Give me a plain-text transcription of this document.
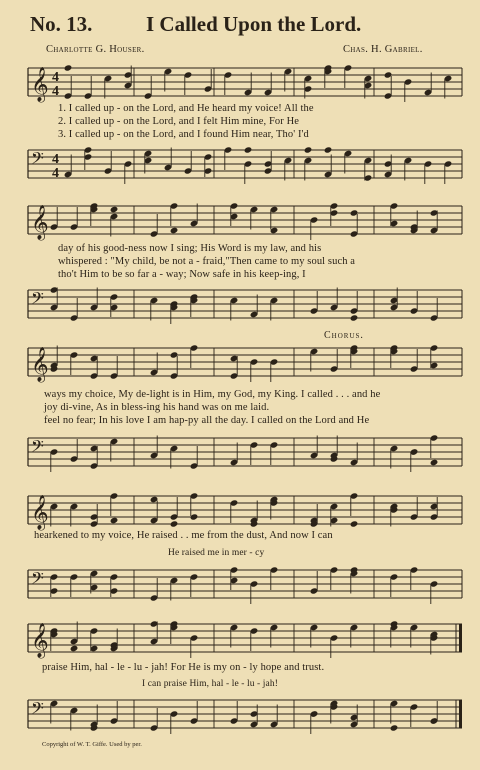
No. 13.	I Called Upon the Lord.
Charlotte G. Houser.	Chas. H. Gabriel.
𝄞 4
4
1. I called up - on the Lord, and He heard my voice! All the
2. I called up - on the Lord, and I felt Him mine, For He
3. I called up - on the Lord, and I found Him near, Tho' I'd
𝄢 4
4
𝄞
day of his good-ness now I sing; His Word is my law, and his
whispered : "My child, be not a - fraid,"Then came to my soul such a
tho't Him to be so far a - way; Now safe in his keep-ing, I
𝄢
Chorus.
𝄞
ways my choice, My de-light is in Him, my God, my King. I called . . . and he
joy di-vine, As in bless-ing his hand was on me laid.
feel no fear; In his love I am hap-py all the day. I called on the Lord and He
𝄢
𝄞
hearkened to my voice, He raised . . me from the dust, And now I can
He raised me in mer - cy
𝄢
𝄞
praise Him, hal - le - lu - jah! For He is my on - ly hope and trust.
I can praise Him, hal - le - lu - jah!
𝄢
Copyright of W. T. Giffe. Used by per.
